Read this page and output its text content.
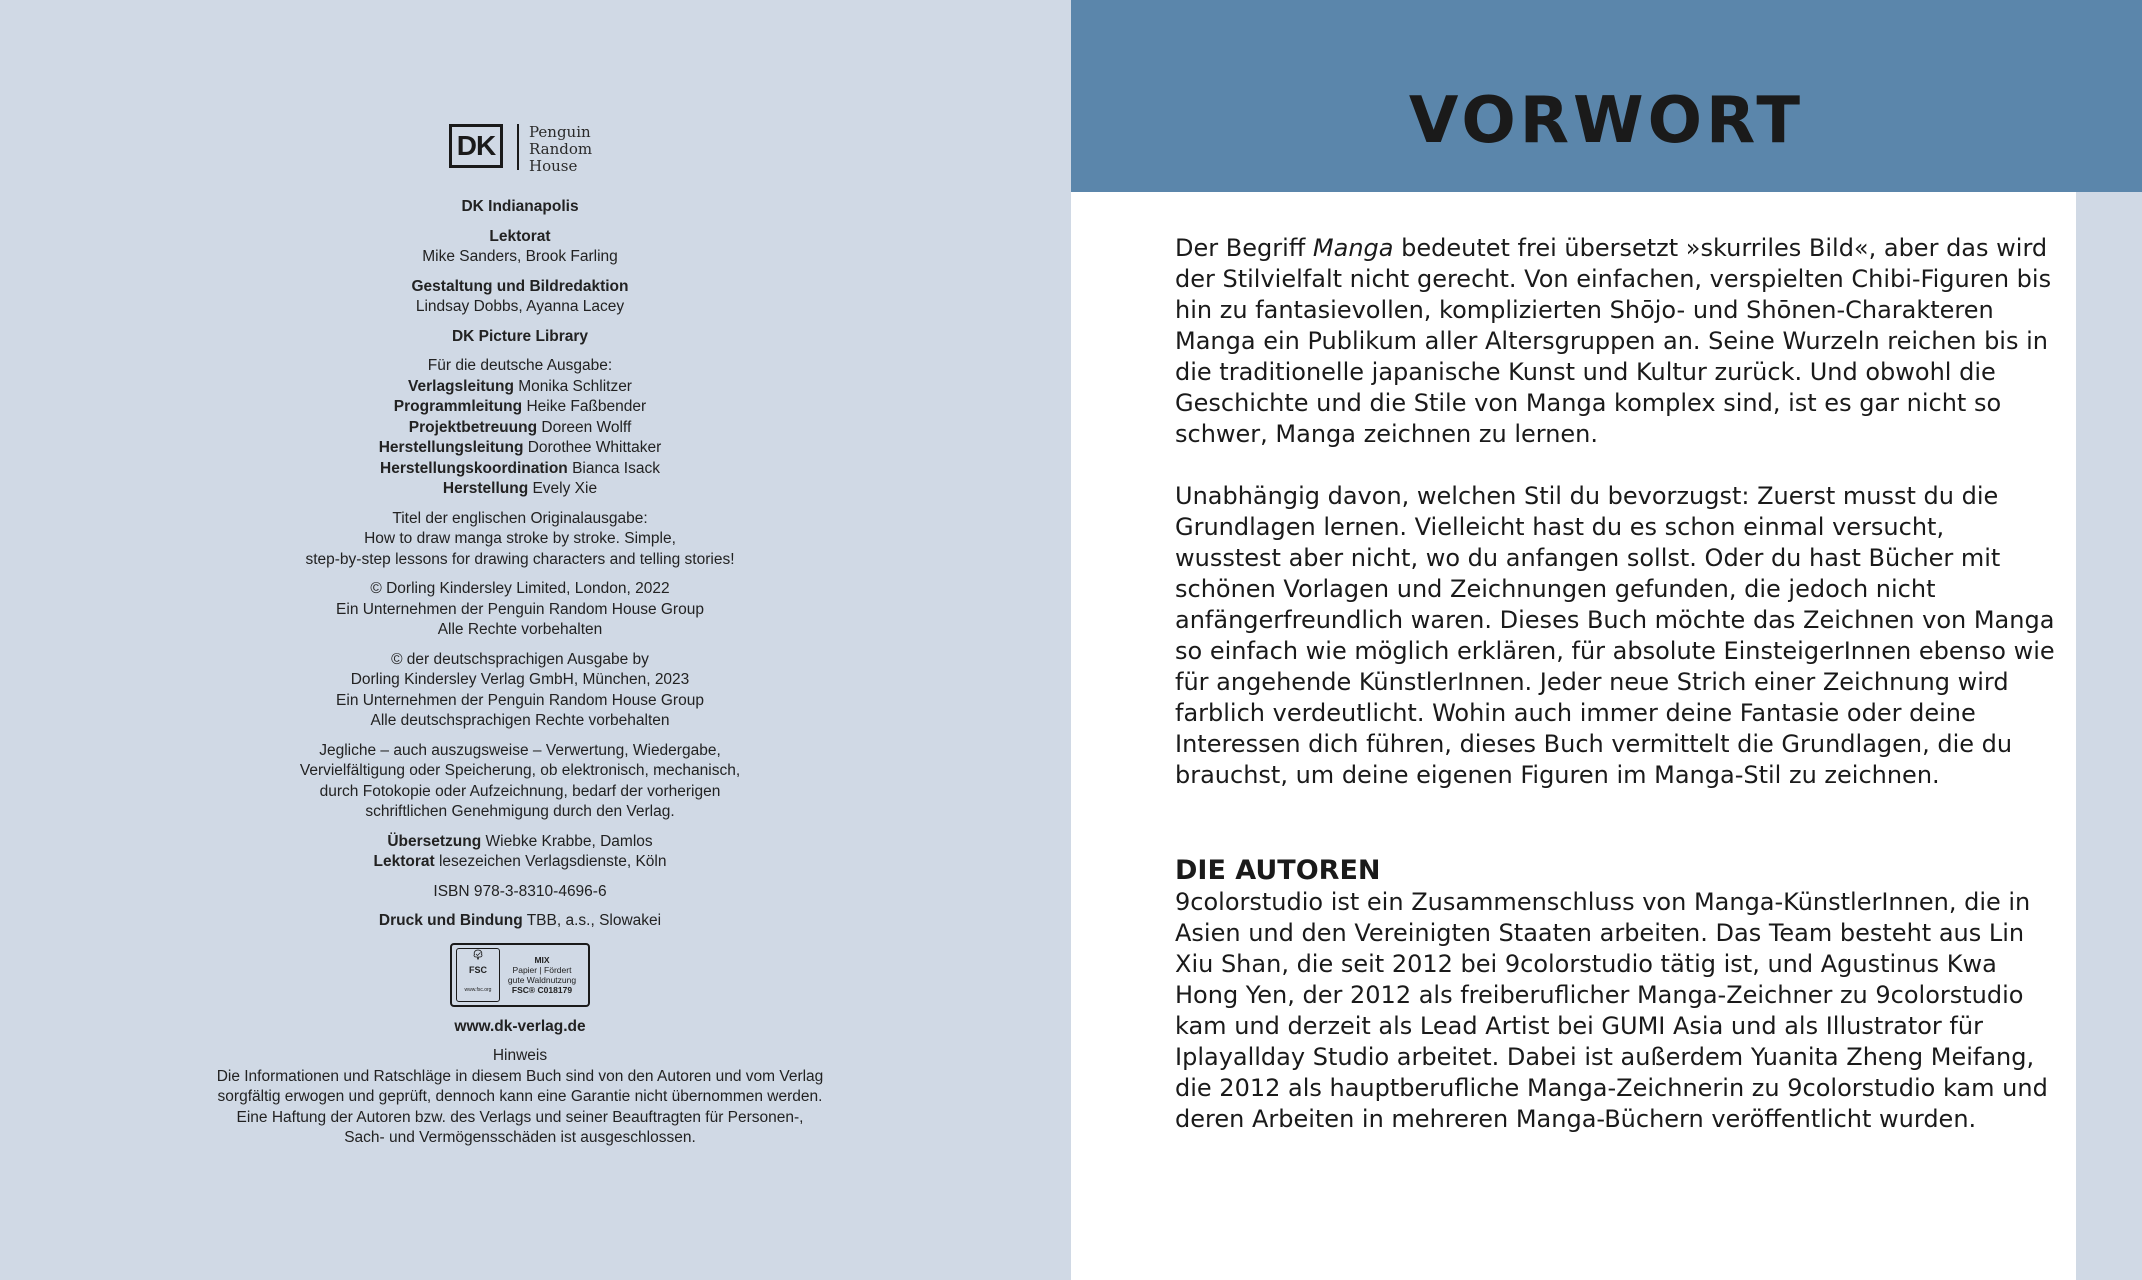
DK	Penguin
Random
House
DK Indianapolis
Lektorat
Mike Sanders, Brook Farling
Gestaltung und Bildredaktion
Lindsay Dobbs, Ayanna Lacey
DK Picture Library
Für die deutsche Ausgabe:
Verlagsleitung Monika Schlitzer
Programmleitung Heike Faßbender
Projektbetreuung Doreen Wolff
Herstellungsleitung Dorothee Whittaker
Herstellungskoordination Bianca Isack
Herstellung Evely Xie
Titel der englischen Originalausgabe:
How to draw manga stroke by stroke. Simple,
step-by-step lessons for drawing characters and telling stories!
© Dorling Kindersley Limited, London, 2022
Ein Unternehmen der Penguin Random House Group
Alle Rechte vorbehalten
© der deutschsprachigen Ausgabe by
Dorling Kindersley Verlag GmbH, München, 2023
Ein Unternehmen der Penguin Random House Group
Alle deutschsprachigen Rechte vorbehalten
Jegliche – auch auszugsweise – Verwertung, Wiedergabe,
Vervielfältigung oder Speicherung, ob elektronisch, mechanisch,
durch Fotokopie oder Aufzeichnung, bedarf der vorherigen
schriftlichen Genehmigung durch den Verlag.
Übersetzung Wiebke Krabbe, Damlos
Lektorat lesezeichen Verlagsdienste, Köln
ISBN 978-3-8310-4696-6
Druck und Bindung TBB, a.s., Slowakei
FSC
www.fsc.org
MIX
Papier | Fördert
gute Waldnutzung
FSC® C018179
www.dk-verlag.de
Hinweis
Die Informationen und Ratschläge in diesem Buch sind von den Autoren und vom Verlag
sorgfältig erwogen und geprüft, dennoch kann eine Garantie nicht übernommen werden.
Eine Haftung der Autoren bzw. des Verlags und seiner Beauftragten für Personen-,
Sach- und Vermögensschäden ist ausgeschlossen.
VORWORT

Der Begriff Manga bedeutet frei übersetzt »skurriles Bild«, aber das wird der Stilvielfalt nicht gerecht. Von einfachen, verspielten Chibi-Figuren bis hin zu fantasievollen, komplizierten Shōjo- und Shōnen-Charakteren Manga ein Publikum aller Altersgruppen an. Seine Wurzeln reichen bis in die traditionelle japanische Kunst und Kultur zurück. Und obwohl die Geschichte und die Stile von Manga komplex sind, ist es gar nicht so schwer, Manga zeichnen zu lernen.

Unabhängig davon, welchen Stil du bevorzugst: Zuerst musst du die Grundlagen lernen. Vielleicht hast du es schon einmal versucht, wusstest aber nicht, wo du anfangen sollst. Oder du hast Bücher mit schönen Vorlagen und Zeichnungen gefunden, die jedoch nicht anfängerfreundlich waren. Dieses Buch möchte das Zeichnen von Manga so einfach wie möglich erklären, für absolute EinsteigerInnen ebenso wie für angehende KünstlerInnen. Jeder neue Strich einer Zeichnung wird farblich verdeutlicht. Wohin auch immer deine Fantasie oder deine Interessen dich führen, dieses Buch vermittelt die Grundlagen, die du brauchst, um deine eigenen Figuren im Manga-Stil zu zeichnen.

DIE AUTOREN

9colorstudio ist ein Zusammenschluss von Manga-KünstlerInnen, die in Asien und den Vereinigten Staaten arbeiten. Das Team besteht aus Lin Xiu Shan, die seit 2012 bei 9colorstudio tätig ist, und Agustinus Kwa Hong Yen, der 2012 als freiberuflicher Manga-Zeichner zu 9colorstudio kam und derzeit als Lead Artist bei GUMI Asia und als Illustrator für Iplayallday Studio arbeitet. Dabei ist außerdem Yuanita Zheng Meifang, die 2012 als hauptberufliche Manga-Zeichnerin zu 9colorstudio kam und deren Arbeiten in mehreren Manga-Büchern veröffentlicht wurden.
